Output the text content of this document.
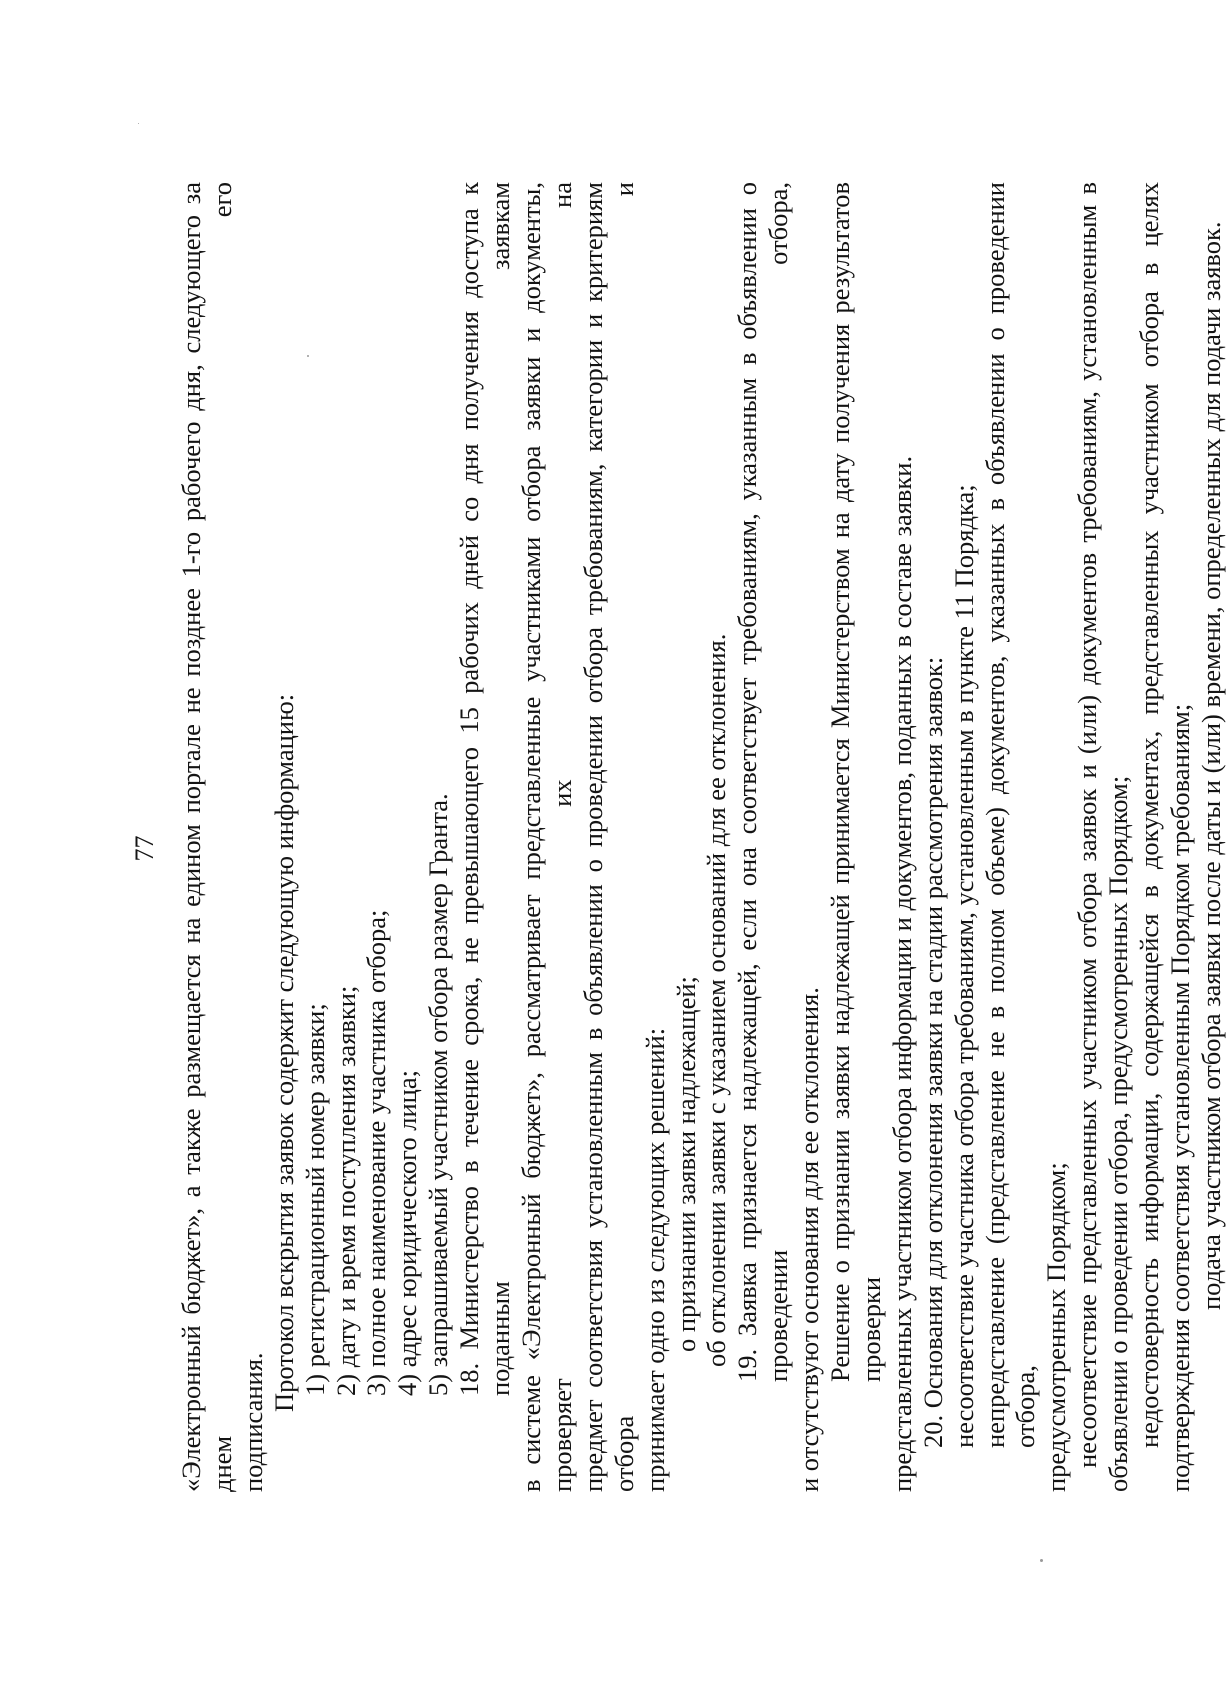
77 «Электронный бюджет», а также размещается на едином портале не позднее 1-го рабочего дня, следующего за днем его подписания.
Протокол вскрытия заявок содержит следующую информацию: 1) регистрационный номер заявки; 2) дату и время поступления заявки; 3) полное наименование участника отбора; 4) адрес юридического лица; 5) запрашиваемый участником отбора размер Гранта. 18. Министерство в течение срока, не превышающего 15 рабочих дней со дня получения доступа к поданным заявкам в системе «Электронный бюджет», рассматривает представленные участниками отбора заявки и документы, проверяет их на предмет соответствия установленным в объявлении о проведении отбора требованиям, категории и критериям отбора и принимает одно из следующих решений: о признании заявки надлежащей; об отклонении заявки с указанием оснований для ее отклонения. 19. Заявка признается надлежащей, если она соответствует требованиям, указанным в объявлении о проведении отбора, и отсутствуют основания для ее отклонения. Решение о признании заявки надлежащей принимается Министерством на дату получения результатов проверки представленных участником отбора информации и документов, поданных в составе заявки. 20. Основания для отклонения заявки на стадии рассмотрения заявок: несоответствие участника отбора требованиям, установленным в пункте 11 Порядка; непредставление (представление не в полном объеме) документов, указанных в объявлении о проведении отбора, предусмотренных Порядком; несоответствие представленных участником отбора заявок и (или) документов требованиям, установленным в объявлении о проведении отбора, предусмотренных Порядком; недостоверность информации, содержащейся в документах, представленных участником отбора в целях подтверждения соответствия установленным Порядком требованиям; подача участником отбора заявки после даты и (или) времени, определенных для подачи заявок.
